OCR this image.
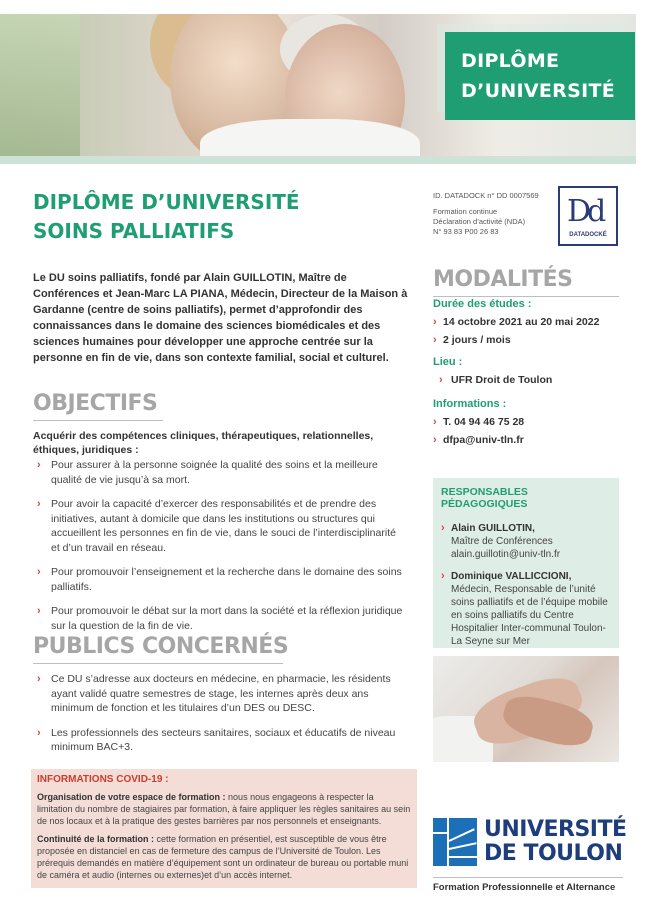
DIPLÔME
D’UNIVERSITÉ
DIPLÔME D’UNIVERSITÉ
SOINS PALLIATIFS
Le DU soins palliatifs, fondé par Alain GUILLOTIN, Maître de Conférences et Jean-Marc LA PIANA, Médecin, Directeur de la Maison à Gardanne (centre de soins palliatifs), permet d’approfondir des connaissances dans le domaine des sciences biomédicales et des sciences humaines pour développer une approche centrée sur la personne en fin de vie, dans son contexte familial, social et culturel.
OBJECTIFS
Acquérir des compétences cliniques, thérapeutiques, relationnelles, éthiques, juridiques :
› Pour assurer à la personne soignée la qualité des soins et la meilleure qualité de vie jusqu’à sa mort.
› Pour avoir la capacité d’exercer des responsabilités et de prendre des initiatives, autant à domicile que dans les institutions ou structures qui accueillent les personnes en fin de vie, dans le souci de l’interdisciplinarité et d’un travail en réseau.
› Pour promouvoir l’enseignement et la recherche dans le domaine des soins palliatifs.
› Pour promouvoir le débat sur la mort dans la société et la réflexion juridique sur la question de la fin de vie.
PUBLICS CONCERNÉS
› Ce DU s’adresse aux docteurs en médecine, en pharmacie, les résidents ayant validé quatre semestres de stage, les internes après deux ans minimum de fonction et les titulaires d’un DES ou DESC.
› Les professionnels des secteurs sanitaires, sociaux et éducatifs de niveau minimum BAC+3.
INFORMATIONS COVID-19 :

Organisation de votre espace de formation : nous nous engageons à respecter la limitation du nombre de stagiaires par formation, à faire appliquer les règles sanitaires au sein de nos locaux et à la pratique des gestes barrières par nos personnels et enseignants.

Continuité de la formation : cette formation en présentiel, est susceptible de vous être proposée en distanciel en cas de fermeture des campus de l’Université de Toulon. Les prérequis demandés en matière d’équipement sont un ordinateur de bureau ou portable muni de caméra et audio (internes ou externes)et d’un accès internet.

ID. DATADOCK n° DD 0007569
Formation continue
Déclaration d’activité (NDA)
N° 93 83 P00 26 83
Dd
DATADOCKÉ
MODALITÉS
Durée des études :
› 14 octobre 2021 au 20 mai 2022
› 2 jours / mois
Lieu :
› UFR Droit de Toulon
Informations :
› T. 04 94 46 75 28
› dfpa@univ-tln.fr
RESPONSABLES PÉDAGOGIQUES
› Alain GUILLOTIN,
Maître de Conférences
alain.guillotin@univ-tln.fr
› Dominique VALLICCIONI,
Médecin, Responsable de l’unité soins palliatifs et de l’équipe mobile en soins palliatifs du Centre Hospitalier Inter-communal Toulon-La Seyne sur Mer
UNIVERSITÉ
DE TOULON
Formation Professionnelle et Alternance
